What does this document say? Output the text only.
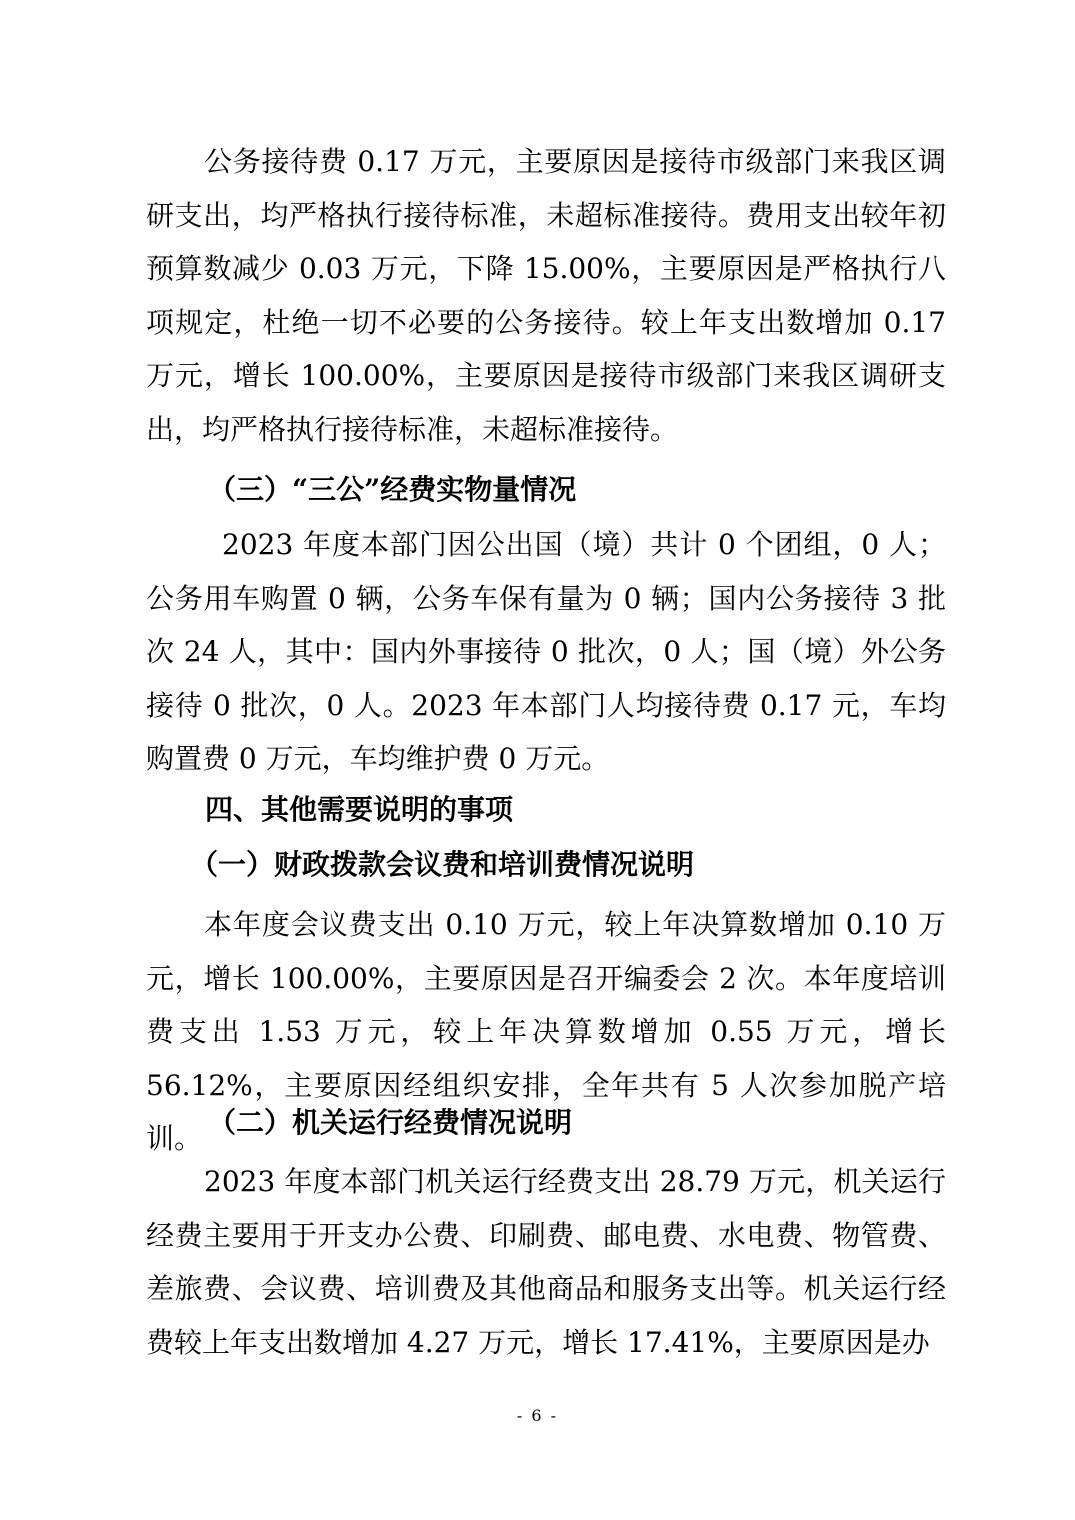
公务接待费 0.17 万元，主要原因是接待市级部门来我区调研支出，均严格执行接待标准，未超标准接待。费用支出较年初预算数减少 0.03 万元，下降 15.00%，主要原因是严格执行八项规定，杜绝一切不必要的公务接待。较上年支出数增加 0.17 万元，增长 100.00%，主要原因是接待市级部门来我区调研支出，均严格执行接待标准，未超标准接待。

（三）“三公”经费实物量情况

2023 年度本部门因公出国（境）共计 0 个团组，0 人；公务用车购置 0 辆，公务车保有量为 0 辆；国内公务接待 3 批次 24 人，其中：国内外事接待 0 批次，0 人；国（境）外公务接待 0 批次，0 人。2023 年本部门人均接待费 0.17 元，车均购置费 0 万元，车均维护费 0 万元。

四、其他需要说明的事项

（一）财政拨款会议费和培训费情况说明

本年度会议费支出 0.10 万元，较上年决算数增加 0.10 万元，增长 100.00%，主要原因是召开编委会 2 次。本年度培训费支出 1.53 万元，较上年决算数增加 0.55 万元，增长 56.12%，主要原因经组织安排，全年共有 5 人次参加脱产培训。 （二）机关运行经费情况说明

2023 年度本部门机关运行经费支出 28.79 万元，机关运行经费主要用于开支办公费、印刷费、邮电费、水电费、物管费、差旅费、会议费、培训费及其他商品和服务支出等。机关运行经费较上年支出数增加 4.27 万元，增长 17.41%，主要原因是办

- 6 -
